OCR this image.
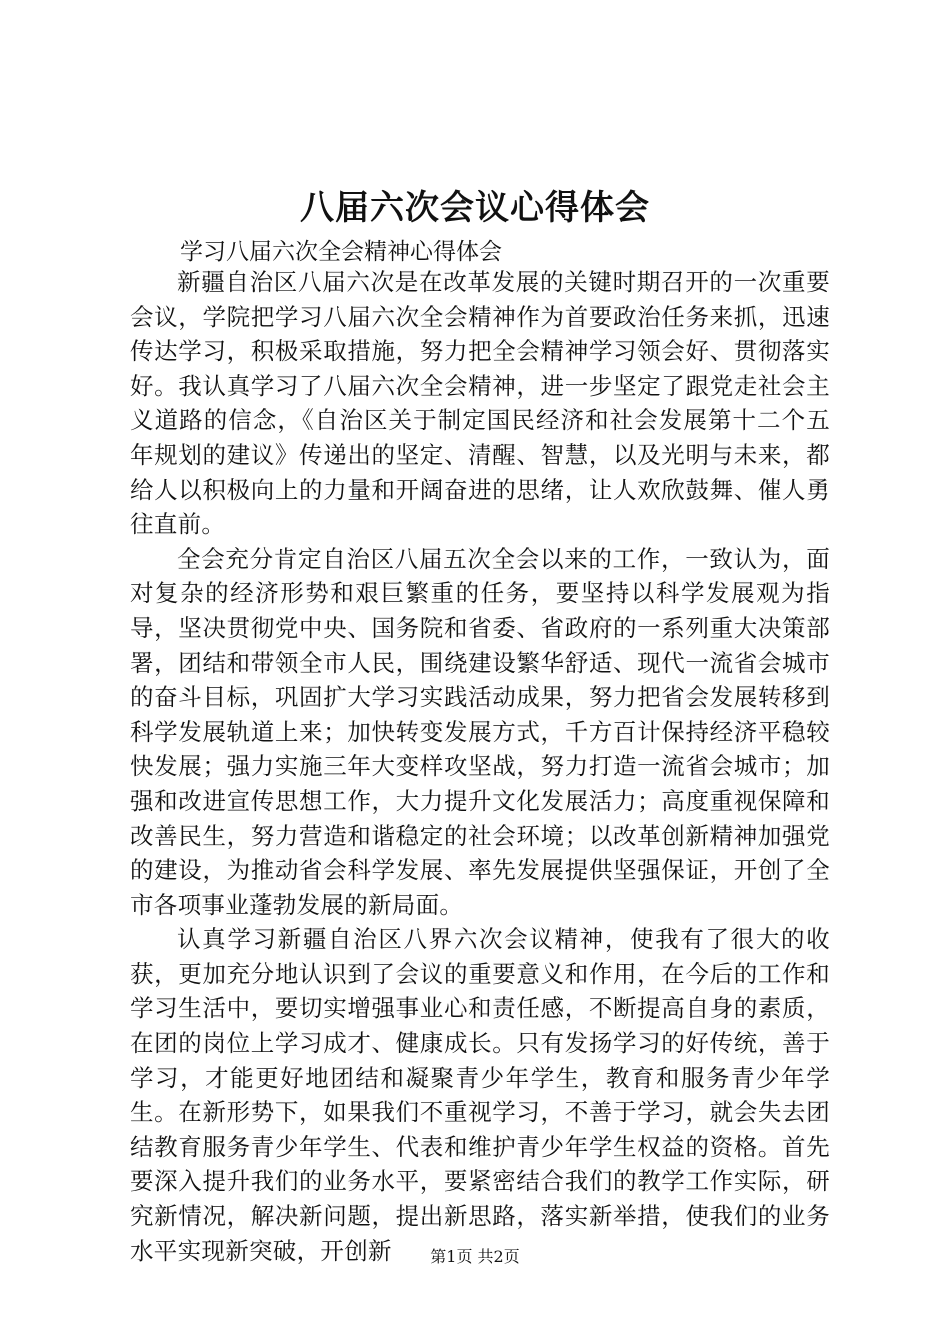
八届六次会议心得体会

学习八届六次全会精神心得体会

新疆自治区八届六次是在改革发展的关键时期召开的一次重要会议，学院把学习八届六次全会精神作为首要政治任务来抓，迅速传达学习，积极采取措施，努力把全会精神学习领会好、贯彻落实好。我认真学习了八届六次全会精神，进一步坚定了跟党走社会主义道路的信念，《自治区关于制定国民经济和社会发展第十二个五年规划的建议》传递出的坚定、清醒、智慧，以及光明与未来，都给人以积极向上的力量和开阔奋进的思绪，让人欢欣鼓舞、催人勇往直前。

全会充分肯定自治区八届五次全会以来的工作，一致认为，面对复杂的经济形势和艰巨繁重的任务，要坚持以科学发展观为指导，坚决贯彻党中央、国务院和省委、省政府的一系列重大决策部署，团结和带领全市人民，围绕建设繁华舒适、现代一流省会城市的奋斗目标，巩固扩大学习实践活动成果，努力把省会发展转移到科学发展轨道上来；加快转变发展方式，千方百计保持经济平稳较快发展；强力实施三年大变样攻坚战，努力打造一流省会城市；加强和改进宣传思想工作，大力提升文化发展活力；高度重视保障和改善民生，努力营造和谐稳定的社会环境；以改革创新精神加强党的建设，为推动省会科学发展、率先发展提供坚强保证，开创了全市各项事业蓬勃发展的新局面。

认真学习新疆自治区八界六次会议精神，使我有了很大的收获，更加充分地认识到了会议的重要意义和作用，在今后的工作和学习生活中，要切实增强事业心和责任感，不断提高自身的素质，在团的岗位上学习成才、健康成长。只有发扬学习的好传统，善于学习，才能更好地团结和凝聚青少年学生，教育和服务青少年学生。在新形势下，如果我们不重视学习，不善于学习，就会失去团结教育服务青少年学生、代表和维护青少年学生权益的资格。首先要深入提升我们的业务水平，要紧密结合我们的教学工作实际，研究新情况，解决新问题，提出新思路，落实新举措，使我们的业务水平实现新突破，开创新	第1页 共2页
